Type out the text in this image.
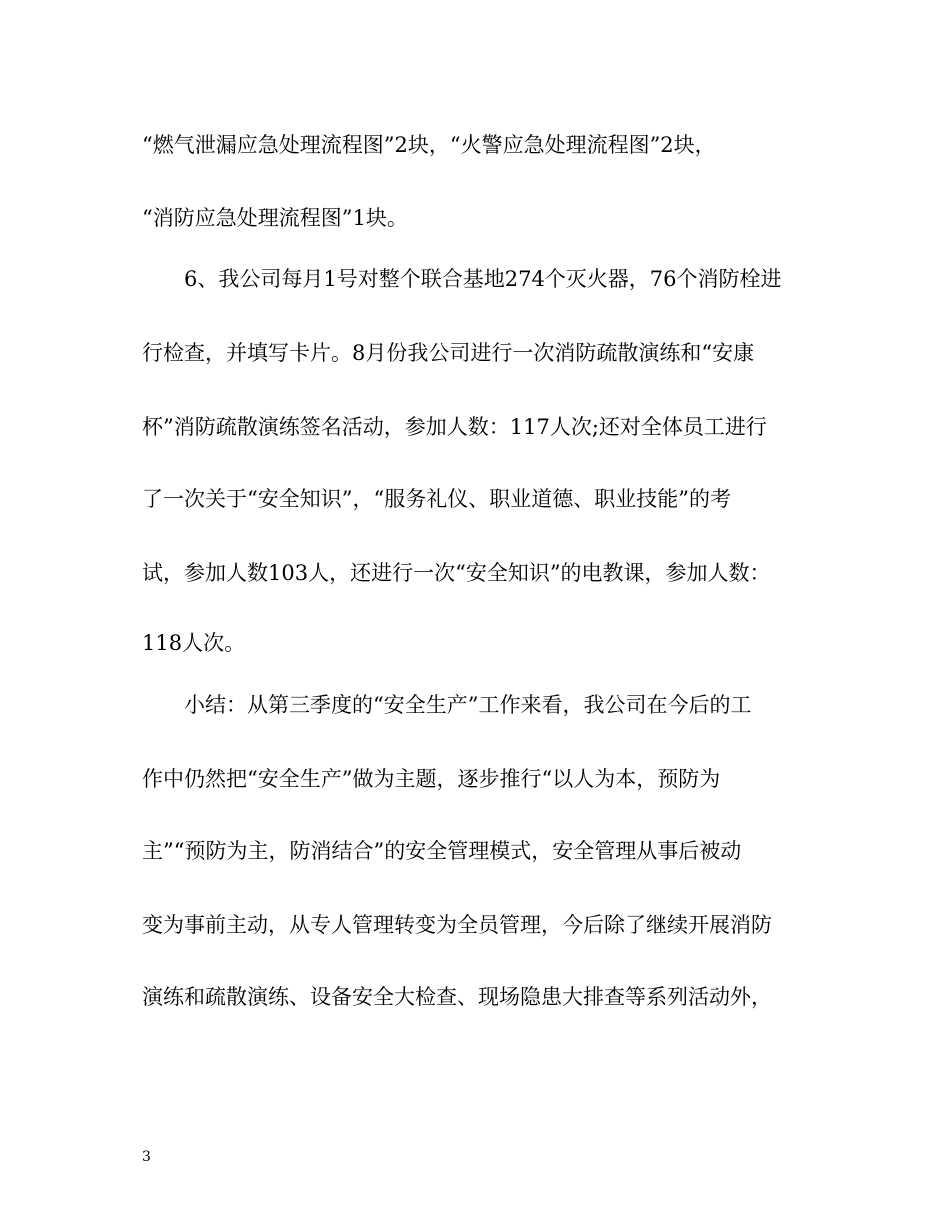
“燃气泄漏应急处理流程图”2块，“火警应急处理流程图”2块，
“消防应急处理流程图”1块。
6、我公司每月1号对整个联合基地274个灭火器，76个消防栓进
行检查，并填写卡片。8月份我公司进行一次消防疏散演练和“安康
杯”消防疏散演练签名活动，参加人数：117人次;还对全体员工进行
了一次关于“安全知识”，“服务礼仪、职业道德、职业技能”的考
试，参加人数103人，还进行一次“安全知识”的电教课，参加人数：
118人次。
小结：从第三季度的“安全生产”工作来看，我公司在今后的工
作中仍然把“安全生产”做为主题，逐步推行“以人为本，预防为
主”“预防为主，防消结合”的安全管理模式，安全管理从事后被动
变为事前主动，从专人管理转变为全员管理，今后除了继续开展消防
演练和疏散演练、设备安全大检查、现场隐患大排查等系列活动外，
3
